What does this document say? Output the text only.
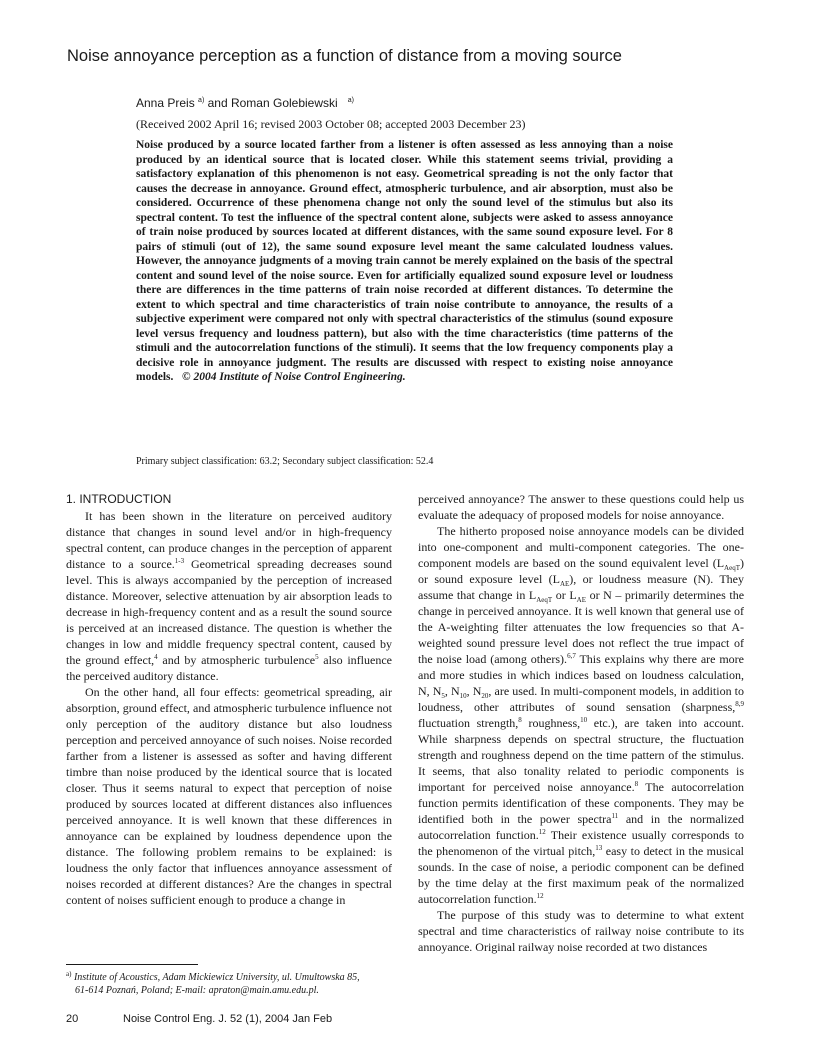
Noise annoyance perception as a function of distance from a moving source
Anna Preis $^{a)}$ and Roman Golebiewski $^{a)}$
(Received 2002 April 16; revised 2003 October 08; accepted 2003 December 23)

Noise produced by a source located farther from a listener is often assessed as less annoying than a noise produced by an identical source that is located closer. While this statement seems trivial, providing a satisfactory explanation of this phenomenon is not easy. Geometrical spreading is not the only factor that causes the decrease in annoyance. Ground effect, atmospheric turbulence, and air absorption, must also be considered. Occurrence of these phenomena change not only the sound level of the stimulus but also its spectral content. To test the influence of the spectral content alone, subjects were asked to assess annoyance of train noise produced by sources located at different distances, with the same sound exposure level. For 8 pairs of stimuli (out of 12), the same sound exposure level meant the same calculated loudness values. However, the annoyance judgments of a moving train cannot be merely explained on the basis of the spectral content and sound level of the noise source. Even for artificially equalized sound exposure level or loudness there are differences in the time patterns of train noise recorded at different distances. To determine the extent to which spectral and time characteristics of train noise contribute to annoyance, the results of a subjective experiment were compared not only with spectral characteristics of the stimulus (sound exposure level versus frequency and loudness pattern), but also with the time characteristics (time patterns of the stimuli and the autocorrelation functions of the stimuli). It seems that the low frequency components play a decisive role in annoyance judgment. The results are discussed with respect to existing noise annoyance models. © 2004 Institute of Noise Control Engineering.

Primary subject classification: 63.2; Secondary subject classification: 52.4
1. INTRODUCTION

It has been shown in the literature on perceived auditory distance that changes in sound level and/or in high-frequency spectral content, can produce changes in the perception of apparent distance to a source.$^{1-3}$ Geometrical spreading decreases sound level. This is always accompanied by the perception of increased distance. Moreover, selective attenuation by air absorption leads to decrease in high-frequency content and as a result the sound source is perceived at an increased distance. The question is whether the changes in low and middle frequency spectral content, caused by the ground effect,$^4$ and by atmospheric turbulence$^5$ also influence the perceived auditory distance.

On the other hand, all four effects: geometrical spreading, air absorption, ground effect, and atmospheric turbulence influence not only perception of the auditory distance but also loudness perception and perceived annoyance of such noises. Noise recorded farther from a listener is assessed as softer and having different timbre than noise produced by the identical source that is located closer. Thus it seems natural to expect that perception of noise produced by sources located at different distances also influences perceived annoyance. It is well known that these differences in annoyance can be explained by loudness dependence upon the distance. The following problem remains to be explained: is loudness the only factor that influences annoyance assessment of noises recorded at different distances? Are the changes in spectral content of noises sufficient enough to produce a change in

perceived annoyance? The answer to these questions could help us evaluate the adequacy of proposed models for noise annoyance.

The hitherto proposed noise annoyance models can be divided into one-component and multi-component categories. The one-component models are based on the sound equivalent level $(L_{AeqT})$ or sound exposure level $(L_{AE})$, or loudness measure (N). They assume that change in $L_{AeqT}$ or $L_{AE}$ or N – primarily determines the change in perceived annoyance. It is well known that general use of the A-weighting filter attenuates the low frequencies so that A-weighted sound pressure level does not reflect the true impact of the noise load (among others).$^{6,7}$ This explains why there are more and more studies in which indices based on loudness calculation, N, $N_5$, $N_{10}$, $N_{20}$, are used. In multi-component models, in addition to loudness, other attributes of sound sensation (sharpness,$^{8,9}$ fluctuation strength,$^8$ roughness,$^{10}$ etc.), are taken into account. While sharpness depends on spectral structure, the fluctuation strength and roughness depend on the time pattern of the stimulus. It seems, that also tonality related to periodic components is important for perceived noise annoyance.$^8$ The autocorrelation function permits identification of these components. They may be identified both in the power spectra$^{11}$ and in the normalized autocorrelation function.$^{12}$ Their existence usually corresponds to the phenomenon of the virtual pitch,$^{13}$ easy to detect in the musical sounds. In the case of noise, a periodic component can be defined by the time delay at the first maximum peak of the normalized autocorrelation function.$^{12}$

The purpose of this study was to determine to what extent spectral and time characteristics of railway noise contribute to its annoyance. Original railway noise recorded at two distances

$^{a)}$ Institute of Acoustics, Adam Mickiewicz University, ul. Umultowska 85,
61-614 Poznań, Poland; E-mail: apraton@main.amu.edu.pl.
20	Noise Control Eng. J. 52 (1), 2004 Jan Feb
